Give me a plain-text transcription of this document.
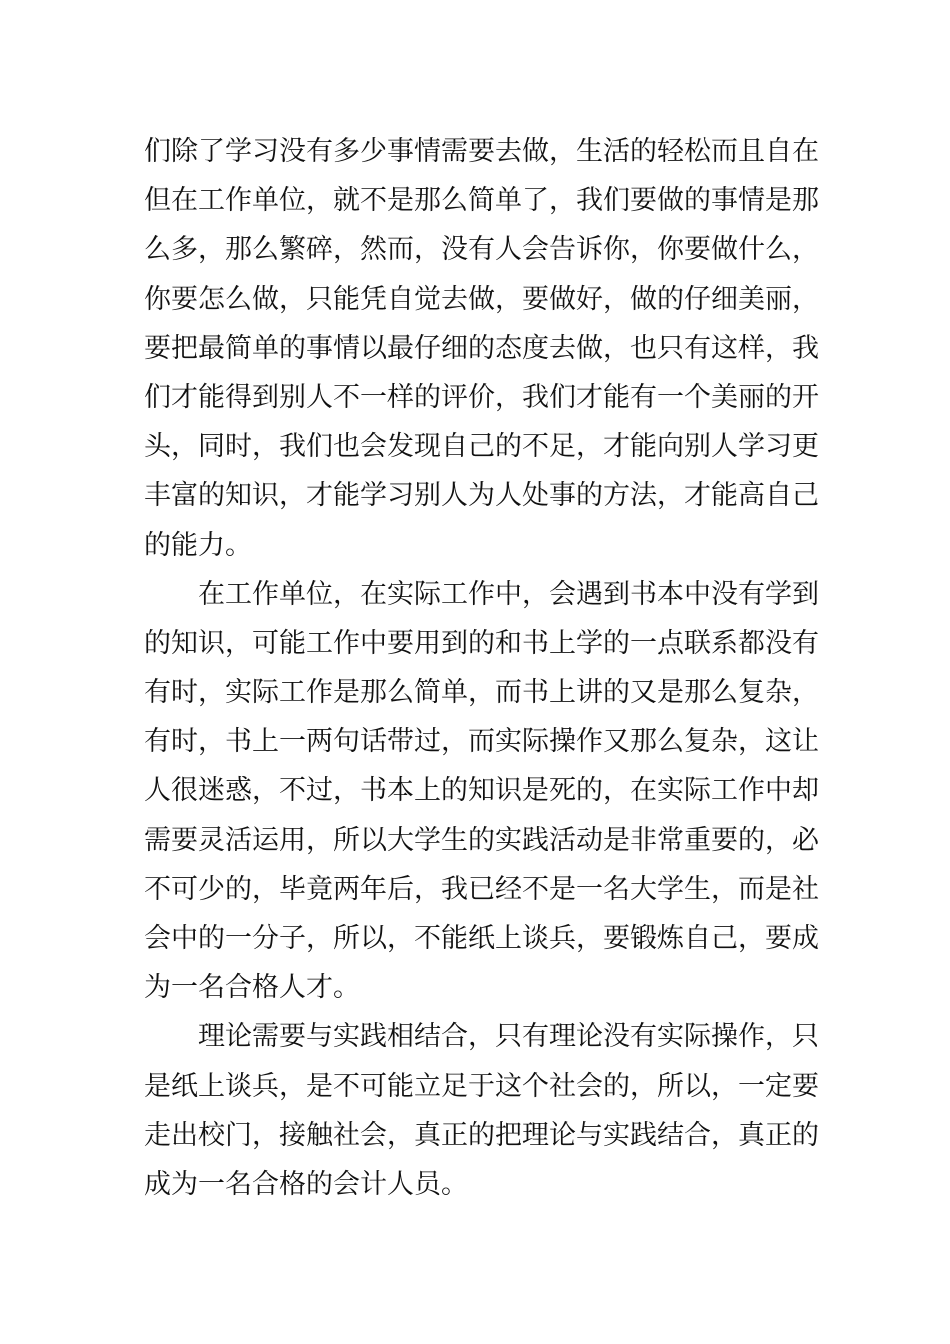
们除了学习没有多少事情需要去做，生活的轻松而且自在
但在工作单位，就不是那么简单了，我们要做的事情是那
么多，那么繁碎，然而，没有人会告诉你，你要做什么，
你要怎么做，只能凭自觉去做，要做好，做的仔细美丽，
要把最简单的事情以最仔细的态度去做，也只有这样，我
们才能得到别人不一样的评价，我们才能有一个美丽的开
头，同时，我们也会发现自己的不足，才能向别人学习更
丰富的知识，才能学习别人为人处事的方法，才能高自己
的能力。
在工作单位，在实际工作中，会遇到书本中没有学到
的知识，可能工作中要用到的和书上学的一点联系都没有
有时，实际工作是那么简单，而书上讲的又是那么复杂，
有时，书上一两句话带过，而实际操作又那么复杂，这让
人很迷惑，不过，书本上的知识是死的，在实际工作中却
需要灵活运用，所以大学生的实践活动是非常重要的，必
不可少的，毕竟两年后，我已经不是一名大学生，而是社
会中的一分子，所以，不能纸上谈兵，要锻炼自己，要成
为一名合格人才。
理论需要与实践相结合，只有理论没有实际操作，只
是纸上谈兵，是不可能立足于这个社会的，所以，一定要
走出校门，接触社会，真正的把理论与实践结合，真正的
成为一名合格的会计人员。
